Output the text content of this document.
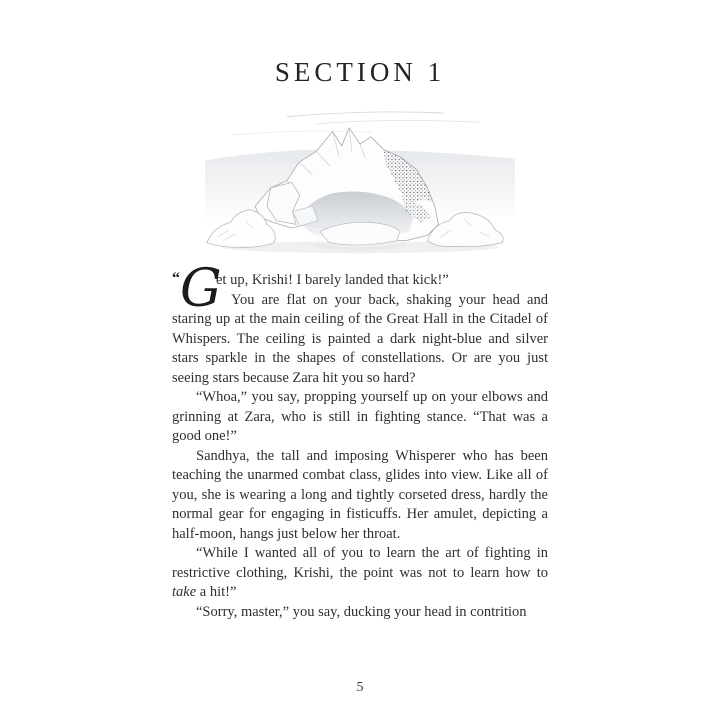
SECTION 1

“ G
et up, Krishi! I barely landed that kick!”

You are flat on your back, shaking your head and staring up at the main ceiling of the Great Hall in the Citadel of Whispers. The ceiling is painted a dark night-blue and silver stars sparkle in the shapes of constellations. Or are you just seeing stars because Zara hit you so hard?

“Whoa,” you say, propping yourself up on your elbows and grinning at Zara, who is still in fighting stance. “That was a good one!”

Sandhya, the tall and imposing Whisperer who has been teaching the unarmed combat class, glides into view. Like all of you, she is wearing a long and tightly corseted dress, hardly the normal gear for engaging in fisticuffs. Her amulet, depicting a half-moon, hangs just below her throat.

“While I wanted all of you to learn the art of fighting in restrictive clothing, Krishi, the point was not to learn how to take a hit!”

“Sorry, master,” you say, ducking your head in contrition

5
